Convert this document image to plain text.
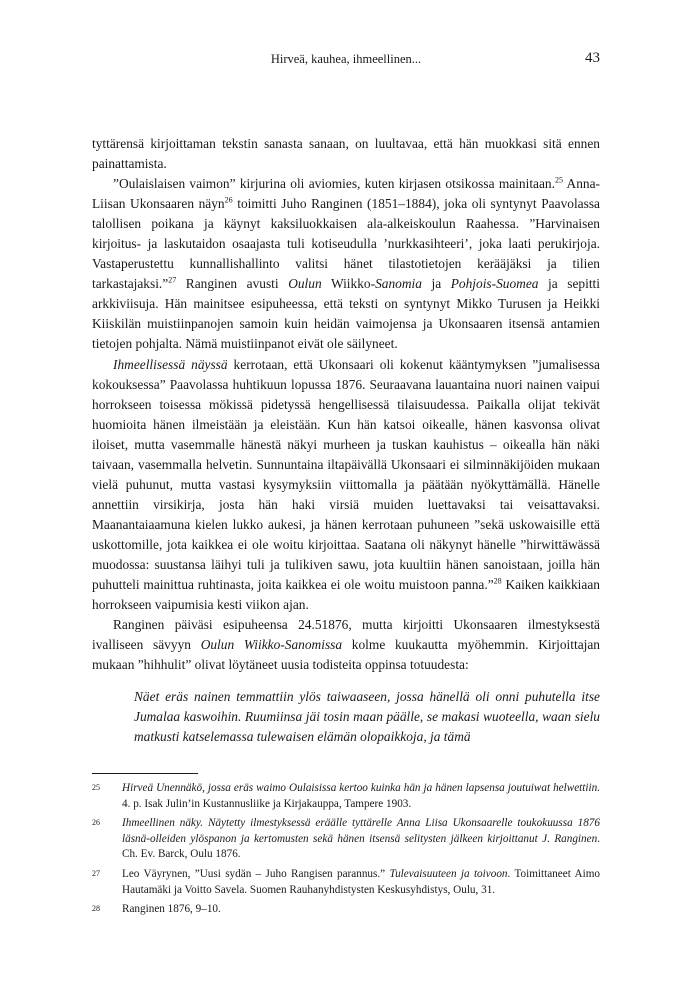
Hirveä, kauhea, ihmeellinen...	43

tyttärensä kirjoittaman tekstin sanasta sanaan, on luultavaa, että hän muokkasi sitä ennen painattamista.

”Oulaislaisen vaimon” kirjurina oli aviomies, kuten kirjasen otsikossa mainitaan.$^{25}$ Anna-Liisan Ukonsaaren näyn$^{26}$ toimitti Juho Ranginen (1851–1884), joka oli syntynyt Paavolassa talollisen poikana ja käynyt kaksiluokkaisen ala-alkeiskoulun Raahessa. ”Harvinaisen kirjoitus- ja laskutaidon osaajasta tuli kotiseudulla ’nurkkasihteeri’, joka laati perukirjoja. Vastaperustettu kunnallishallinto valitsi hänet tilastotietojen kerääjäksi ja tilien tarkastajaksi.”$^{27}$ Ranginen avusti Oulun Wiikko-Sanomia ja Pohjois-Suomea ja sepitti arkkiviisuja. Hän mainitsee esipuheessa, että teksti on syntynyt Mikko Turusen ja Heikki Kiiskilän muistiinpanojen samoin kuin heidän vaimojensa ja Ukonsaaren itsensä antamien tietojen pohjalta. Nämä muistiinpanot eivät ole säilyneet.

Ihmeellisessä näyssä kerrotaan, että Ukonsaari oli kokenut kääntymyksen ”jumalisessa kokouksessa” Paavolassa huhtikuun lopussa 1876. Seuraavana lauantaina nuori nainen vaipui horrokseen toisessa mökissä pidetyssä hengellisessä tilaisuudessa. Paikalla olijat tekivät huomioita hänen ilmeistään ja eleistään. Kun hän katsoi oikealle, hänen kasvonsa olivat iloiset, mutta vasemmalle hänestä näkyi murheen ja tuskan kauhistus – oikealla hän näki taivaan, vasemmalla helvetin. Sunnuntaina iltapäivällä Ukonsaari ei silminnäkijöiden mukaan vielä puhunut, mutta vastasi kysymyksiin viittomalla ja päätään nyökyttämällä. Hänelle annettiin virsikirja, josta hän haki virsiä muiden luettavaksi tai veisattavaksi. Maanantaiaamuna kielen lukko aukesi, ja hänen kerrotaan puhuneen ”sekä uskowaisille että uskottomille, jota kaikkea ei ole woitu kirjoittaa. Saatana oli näkynyt hänelle ”hirwittäwässä muodossa: suustansa läihyi tuli ja tulikiven sawu, jota kuultiin hänen sanoistaan, joilla hän puhutteli mainittua ruhtinasta, joita kaikkea ei ole woitu muistoon panna.”$^{28}$ Kaiken kaikkiaan horrokseen vaipumisia kesti viikon ajan.

Ranginen päiväsi esipuheensa 24.51876, mutta kirjoitti Ukonsaaren ilmestyksestä ivalliseen sävyyn Oulun Wiikko-Sanomissa kolme kuukautta myöhemmin. Kirjoittajan mukaan ”hihhulit” olivat löytäneet uusia todisteita oppinsa totuudesta:

Näet eräs nainen temmattiin ylös taiwaaseen, jossa hänellä oli onni puhutella itse Jumalaa kaswoihin. Ruumiinsa jäi tosin maan päälle, se makasi wuoteella, waan sielu matkusti katselemassa tulewaisen elämän olopaikkoja, ja tämä
25 Hirveä Unennäkö, jossa eräs waimo Oulaisissa kertoo kuinka hän ja hänen lapsensa joutuiwat helwettiin. 4. p. Isak Julin’in Kustannusliike ja Kirjakauppa, Tampere 1903.
26 Ihmeellinen näky. Näytetty ilmestyksessä eräälle tyttärelle Anna Liisa Ukonsaarelle toukokuussa 1876 läsnä-olleiden ylöspanon ja kertomusten sekä hänen itsensä selitysten jälkeen kirjoittanut J. Ranginen. Ch. Ev. Barck, Oulu 1876.
27 Leo Väyrynen, ”Uusi sydän – Juho Rangisen parannus.” Tulevaisuuteen ja toivoon. Toimittaneet Aimo Hautamäki ja Voitto Savela. Suomen Rauhanyhdistysten Keskusyhdistys, Oulu, 31.
28 Ranginen 1876, 9–10.
